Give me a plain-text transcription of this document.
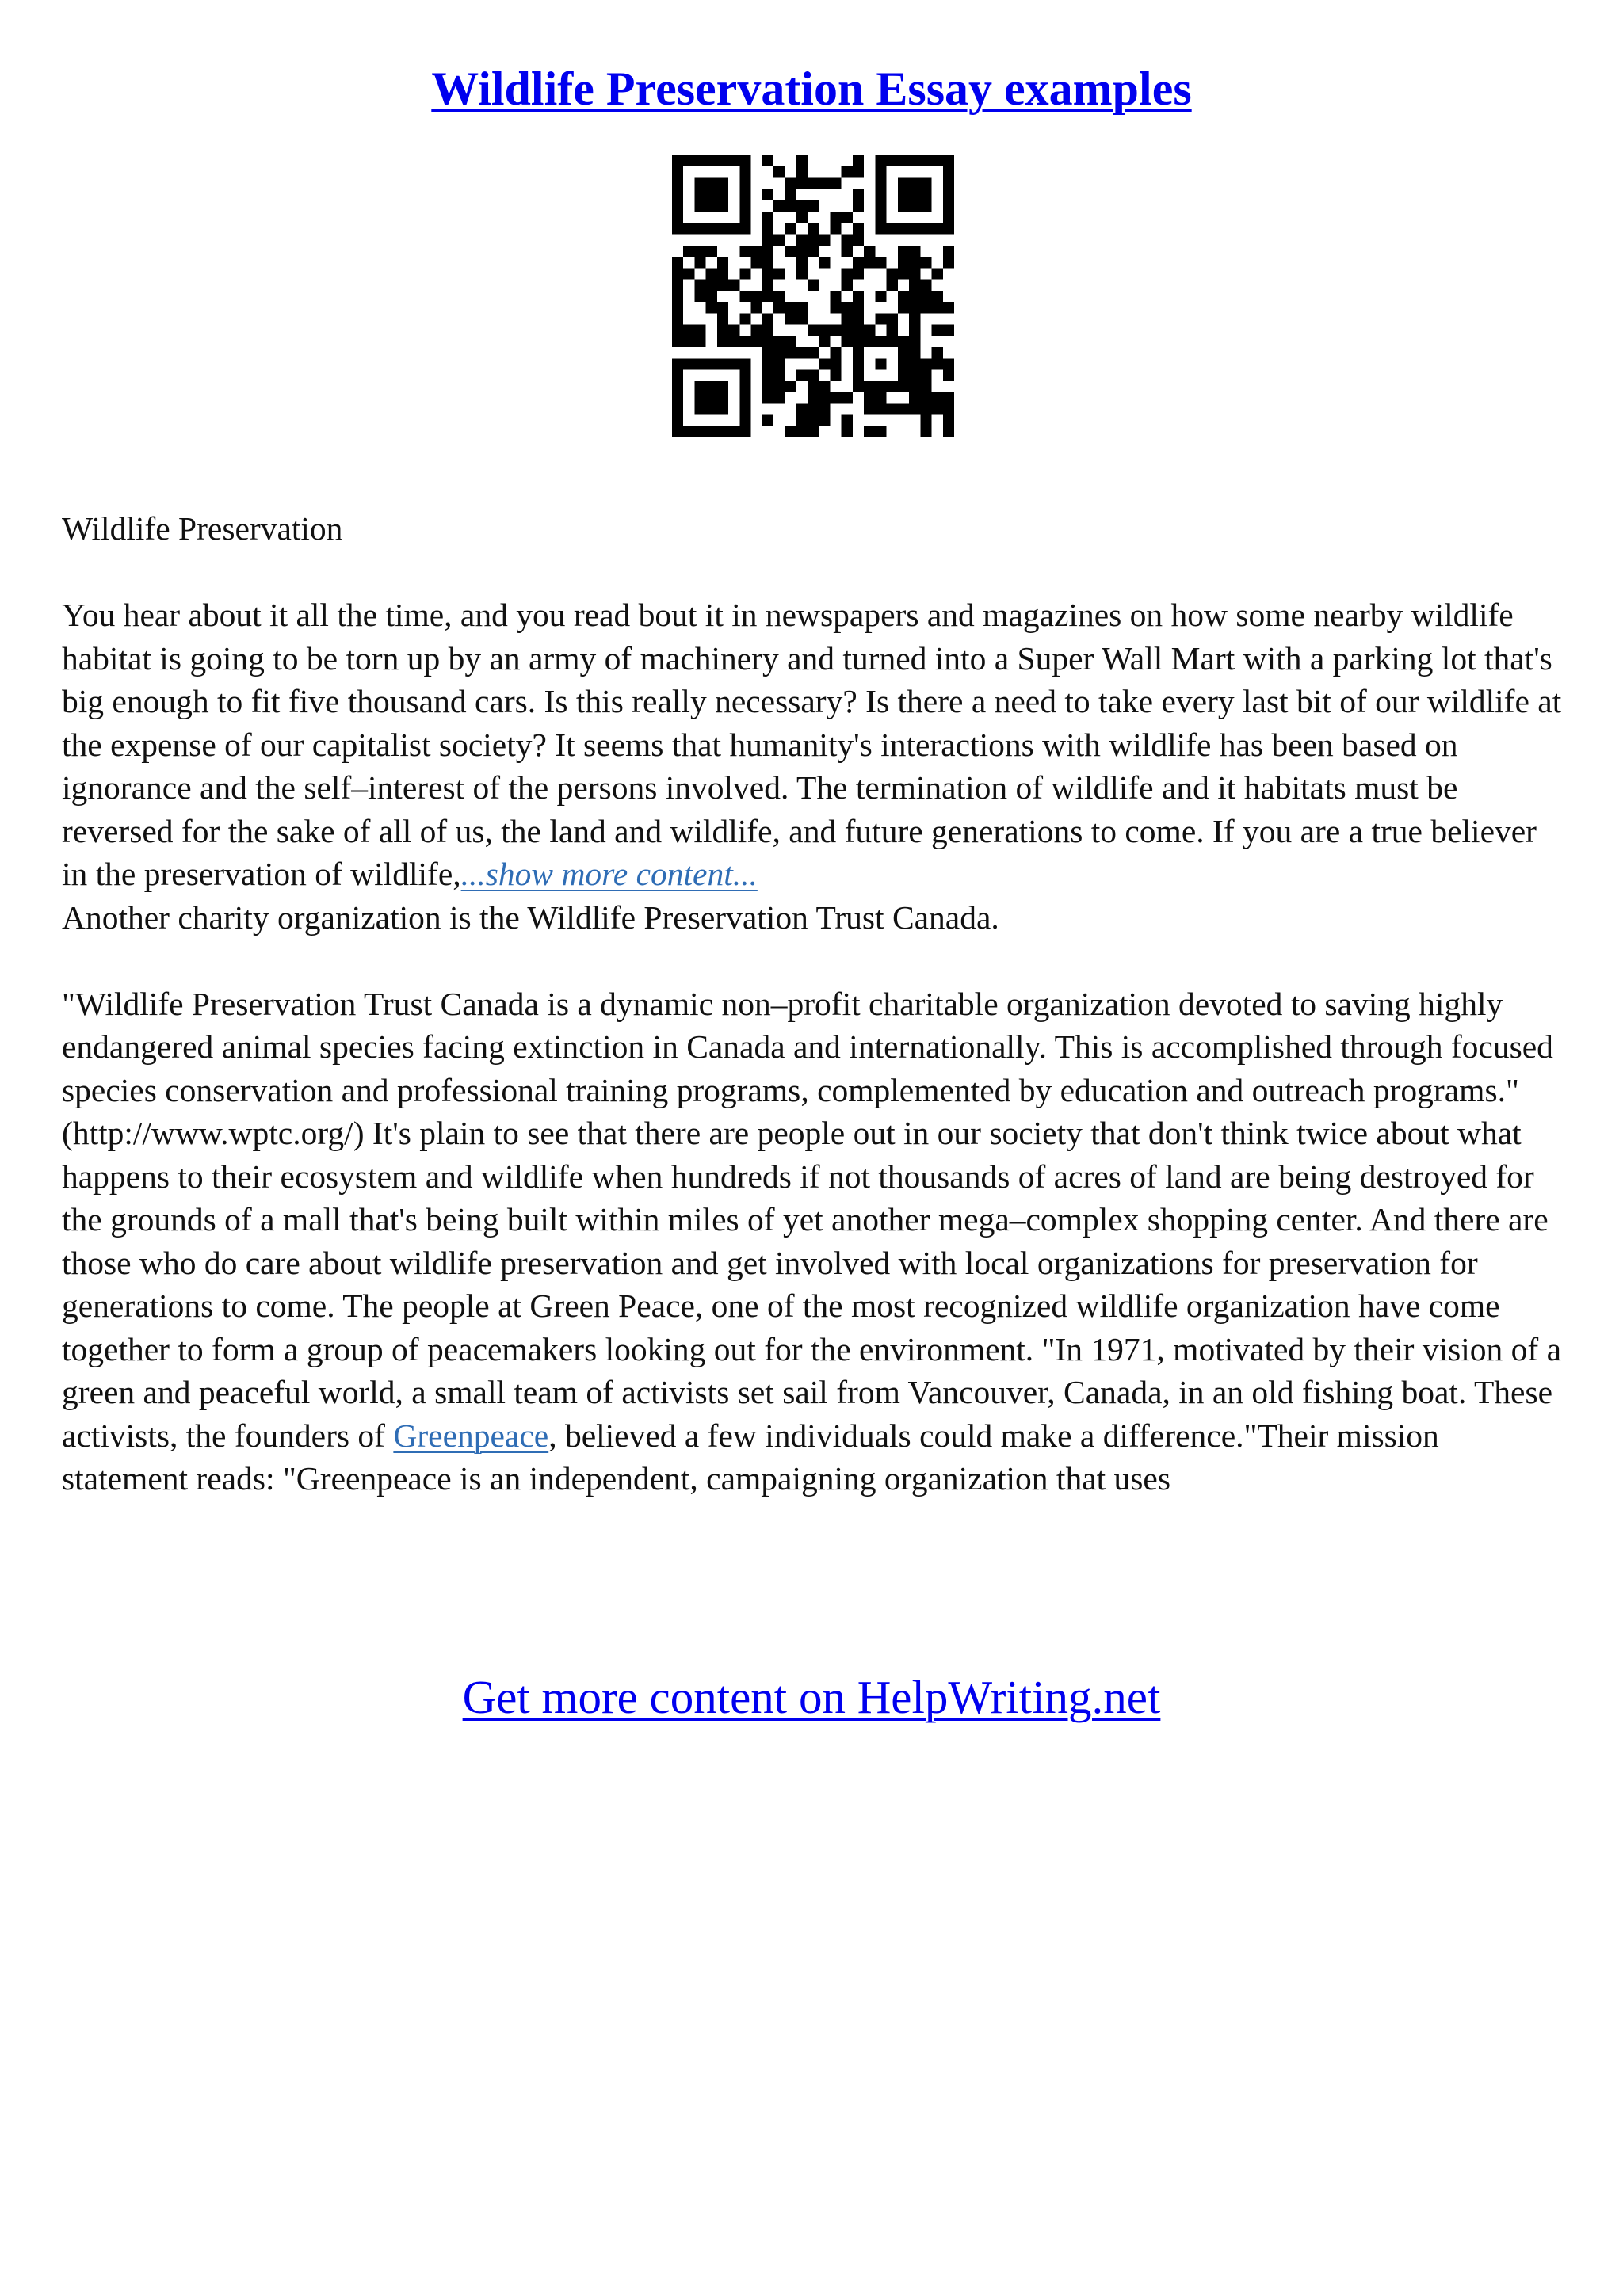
Wildlife Preservation Essay examples

Wildlife Preservation

You hear about it all the time, and you read bout it in newspapers and magazines on how some nearby wildlife habitat is going to be torn up by an army of machinery and turned into a Super Wall Mart with a parking lot that's big enough to fit five thousand cars. Is this really necessary? Is there a need to take every last bit of our wildlife at the expense of our capitalist society? It seems that humanity's interactions with wildlife has been based on ignorance and the self–interest of the persons involved. The termination of wildlife and it habitats must be reversed for the sake of all of us, the land and wildlife, and future generations to come. If you are a true believer in the preservation of wildlife,...show more content...

Another charity organization is the Wildlife Preservation Trust Canada.

"Wildlife Preservation Trust Canada is a dynamic non–profit charitable organization devoted to saving highly endangered animal species facing extinction in Canada and internationally. This is accomplished through focused species conservation and professional training programs, complemented by education and outreach programs." (http://www.wptc.org/) It's plain to see that there are people out in our society that don't think twice about what happens to their ecosystem and wildlife when hundreds if not thousands of acres of land are being destroyed for the grounds of a mall that's being built within miles of yet another mega–complex shopping center. And there are those who do care about wildlife preservation and get involved with local organizations for preservation for generations to come. The people at Green Peace, one of the most recognized wildlife organization have come together to form a group of peacemakers looking out for the environment. "In 1971, motivated by their vision of a green and peaceful world, a small team of activists set sail from Vancouver, Canada, in an old fishing boat. These activists, the founders of Greenpeace, believed a few individuals could make a difference."Their mission statement reads: "Greenpeace is an independent, campaigning organization that uses

Get more content on HelpWriting.net
